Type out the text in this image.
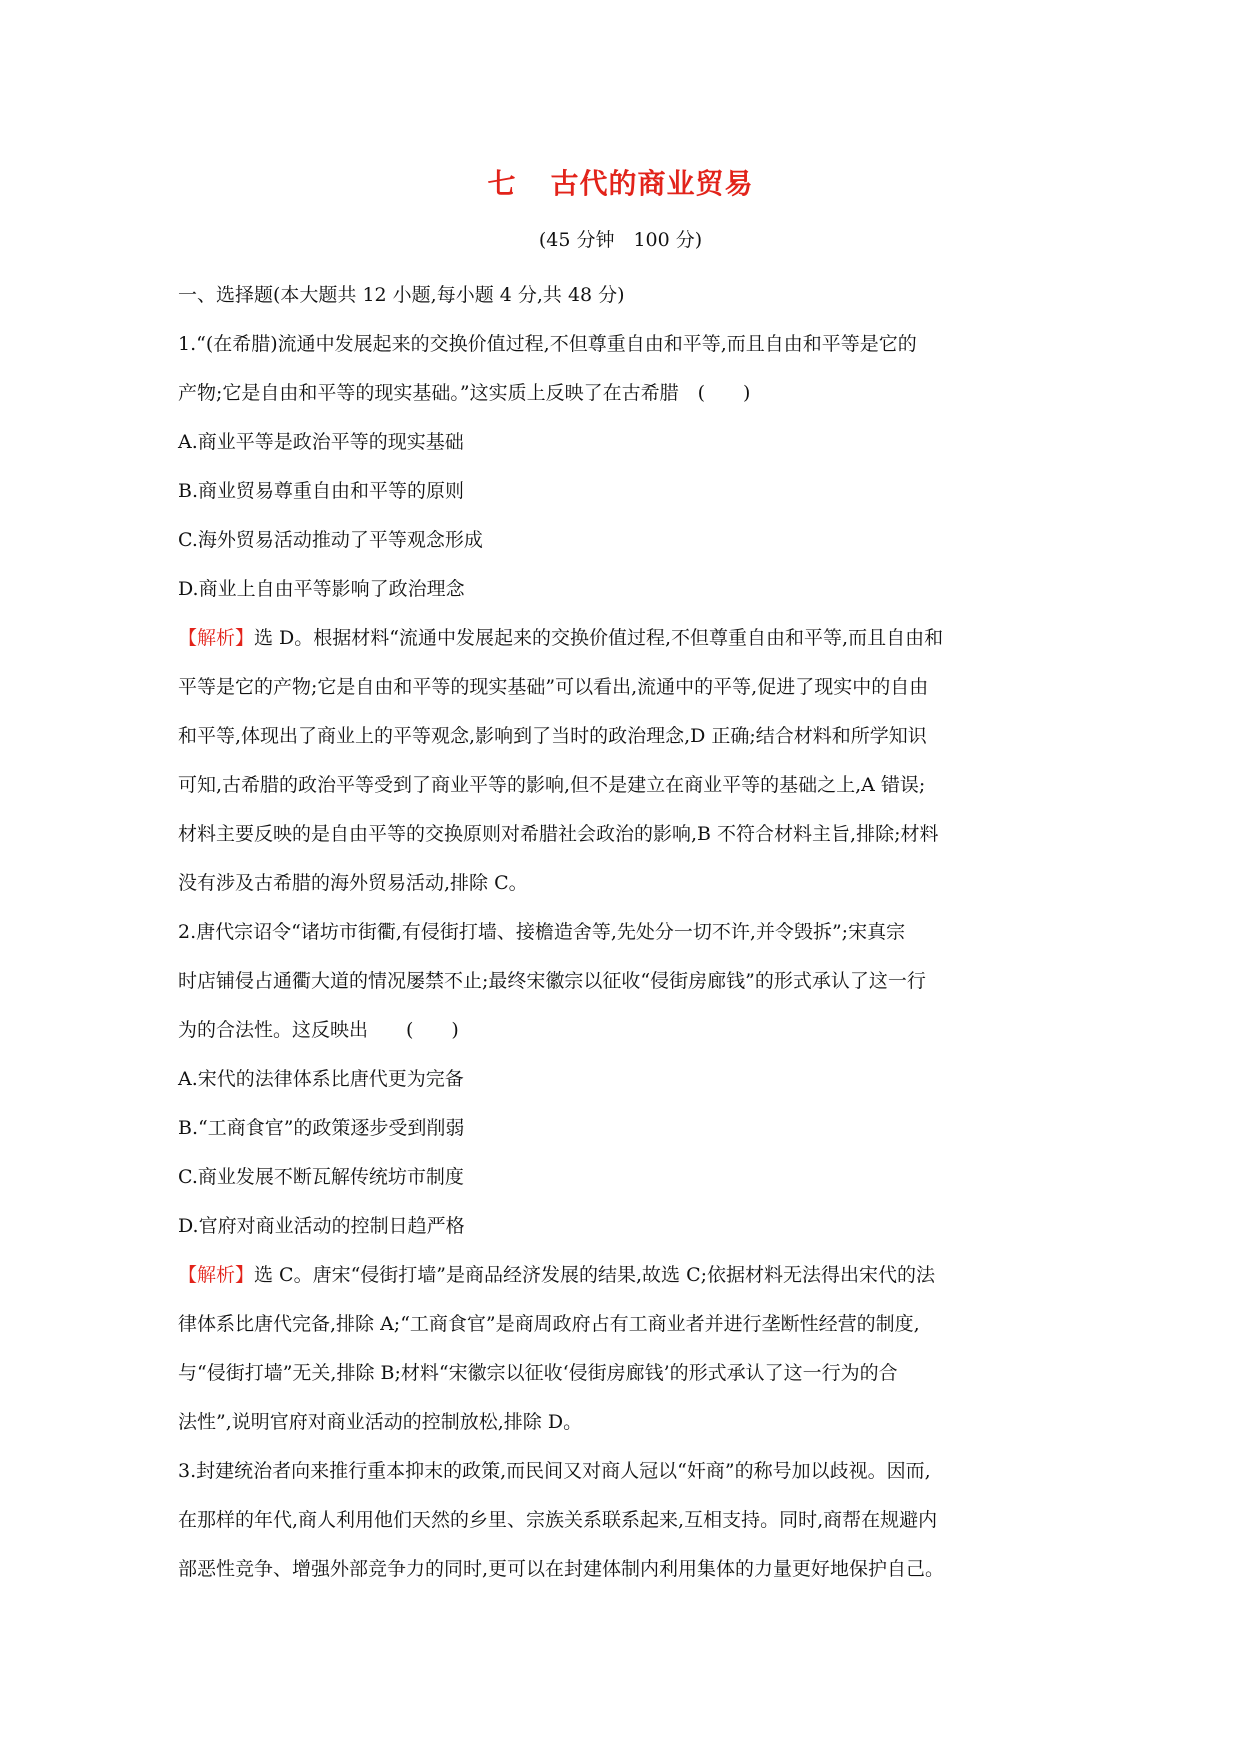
七 古代的商业贸易
(45 分钟　100 分)

一、选择题(本大题共 12 小题,每小题 4 分,共 48 分)

1.“(在希腊)流通中发展起来的交换价值过程,不但尊重自由和平等,而且自由和平等是它的

产物;它是自由和平等的现实基础。”这实质上反映了在古希腊　(　　)

A.商业平等是政治平等的现实基础

B.商业贸易尊重自由和平等的原则

C.海外贸易活动推动了平等观念形成

D.商业上自由平等影响了政治理念

【解析】选 D。根据材料“流通中发展起来的交换价值过程,不但尊重自由和平等,而且自由和

平等是它的产物;它是自由和平等的现实基础”可以看出,流通中的平等,促进了现实中的自由

和平等,体现出了商业上的平等观念,影响到了当时的政治理念,D 正确;结合材料和所学知识

可知,古希腊的政治平等受到了商业平等的影响,但不是建立在商业平等的基础之上,A 错误;

材料主要反映的是自由平等的交换原则对希腊社会政治的影响,B 不符合材料主旨,排除;材料

没有涉及古希腊的海外贸易活动,排除 C。

2.唐代宗诏令“诸坊市街衢,有侵街打墙、接檐造舍等,先处分一切不许,并令毁拆”;宋真宗

时店铺侵占通衢大道的情况屡禁不止;最终宋徽宗以征收“侵街房廊钱”的形式承认了这一行

为的合法性。这反映出　　(　　)

A.宋代的法律体系比唐代更为完备

B.“工商食官”的政策逐步受到削弱

C.商业发展不断瓦解传统坊市制度

D.官府对商业活动的控制日趋严格

【解析】选 C。唐宋“侵街打墙”是商品经济发展的结果,故选 C;依据材料无法得出宋代的法

律体系比唐代完备,排除 A;“工商食官”是商周政府占有工商业者并进行垄断性经营的制度,

与“侵街打墙”无关,排除 B;材料“宋徽宗以征收‘侵街房廊钱’的形式承认了这一行为的合

法性”,说明官府对商业活动的控制放松,排除 D。

3.封建统治者向来推行重本抑末的政策,而民间又对商人冠以“奸商”的称号加以歧视。因而,

在那样的年代,商人利用他们天然的乡里、宗族关系联系起来,互相支持。同时,商帮在规避内

部恶性竞争、增强外部竞争力的同时,更可以在封建体制内利用集体的力量更好地保护自己。
